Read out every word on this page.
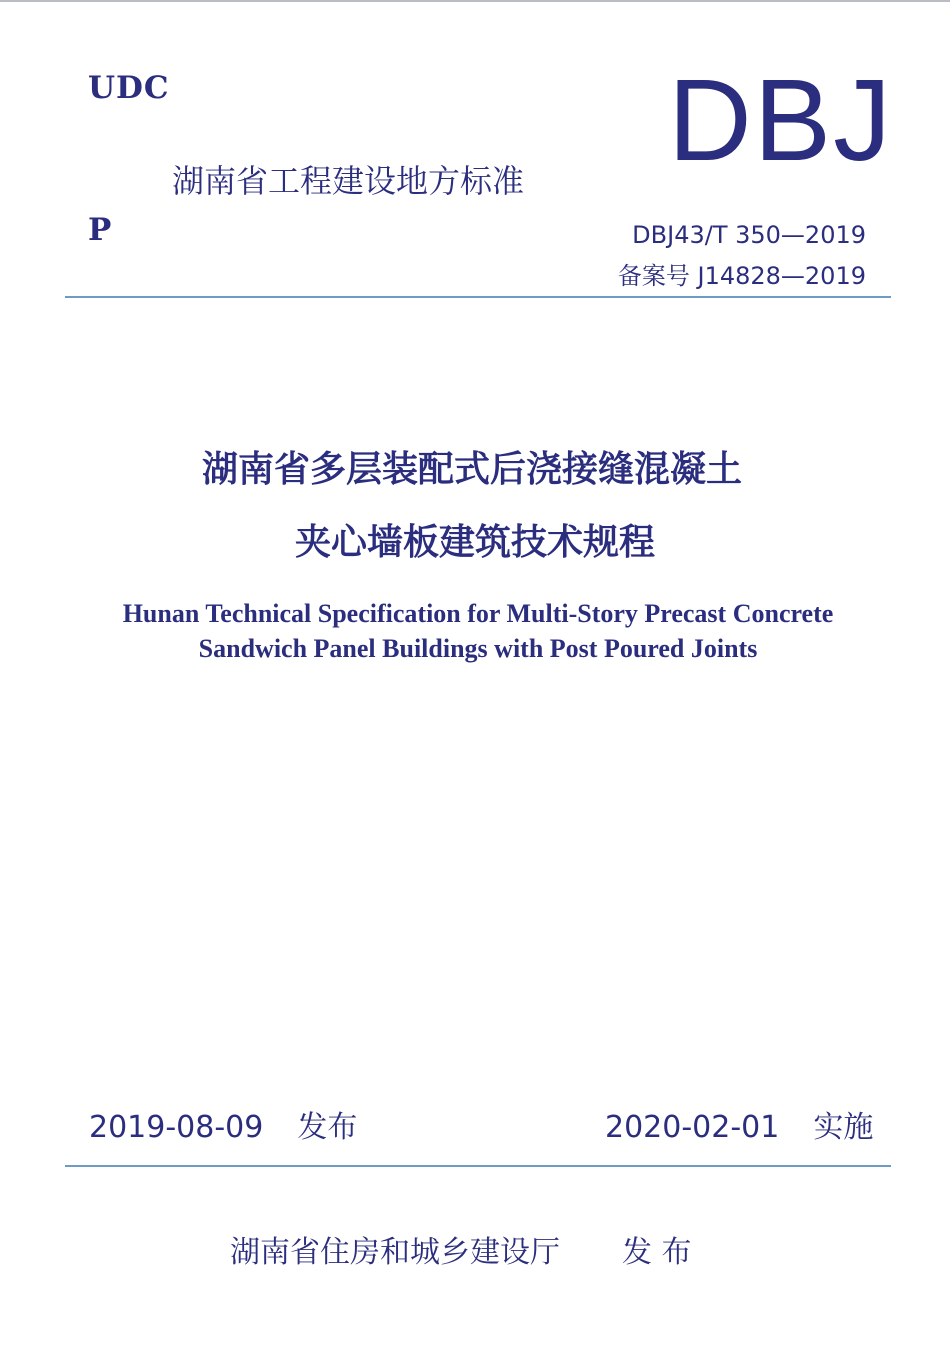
UDC
湖南省工程建设地方标准 DBJ
P	DBJ43/T 350—2019
备案号 J14828—2019
湖南省多层装配式后浇接缝混凝土
夹心墙板建筑技术规程
Hunan Technical Specification for Multi-Story Precast Concrete
Sandwich Panel Buildings with Post Poured Joints
2019-08-09 发布	2020-02-01 实施
湖南省住房和城乡建设厅 发 布
